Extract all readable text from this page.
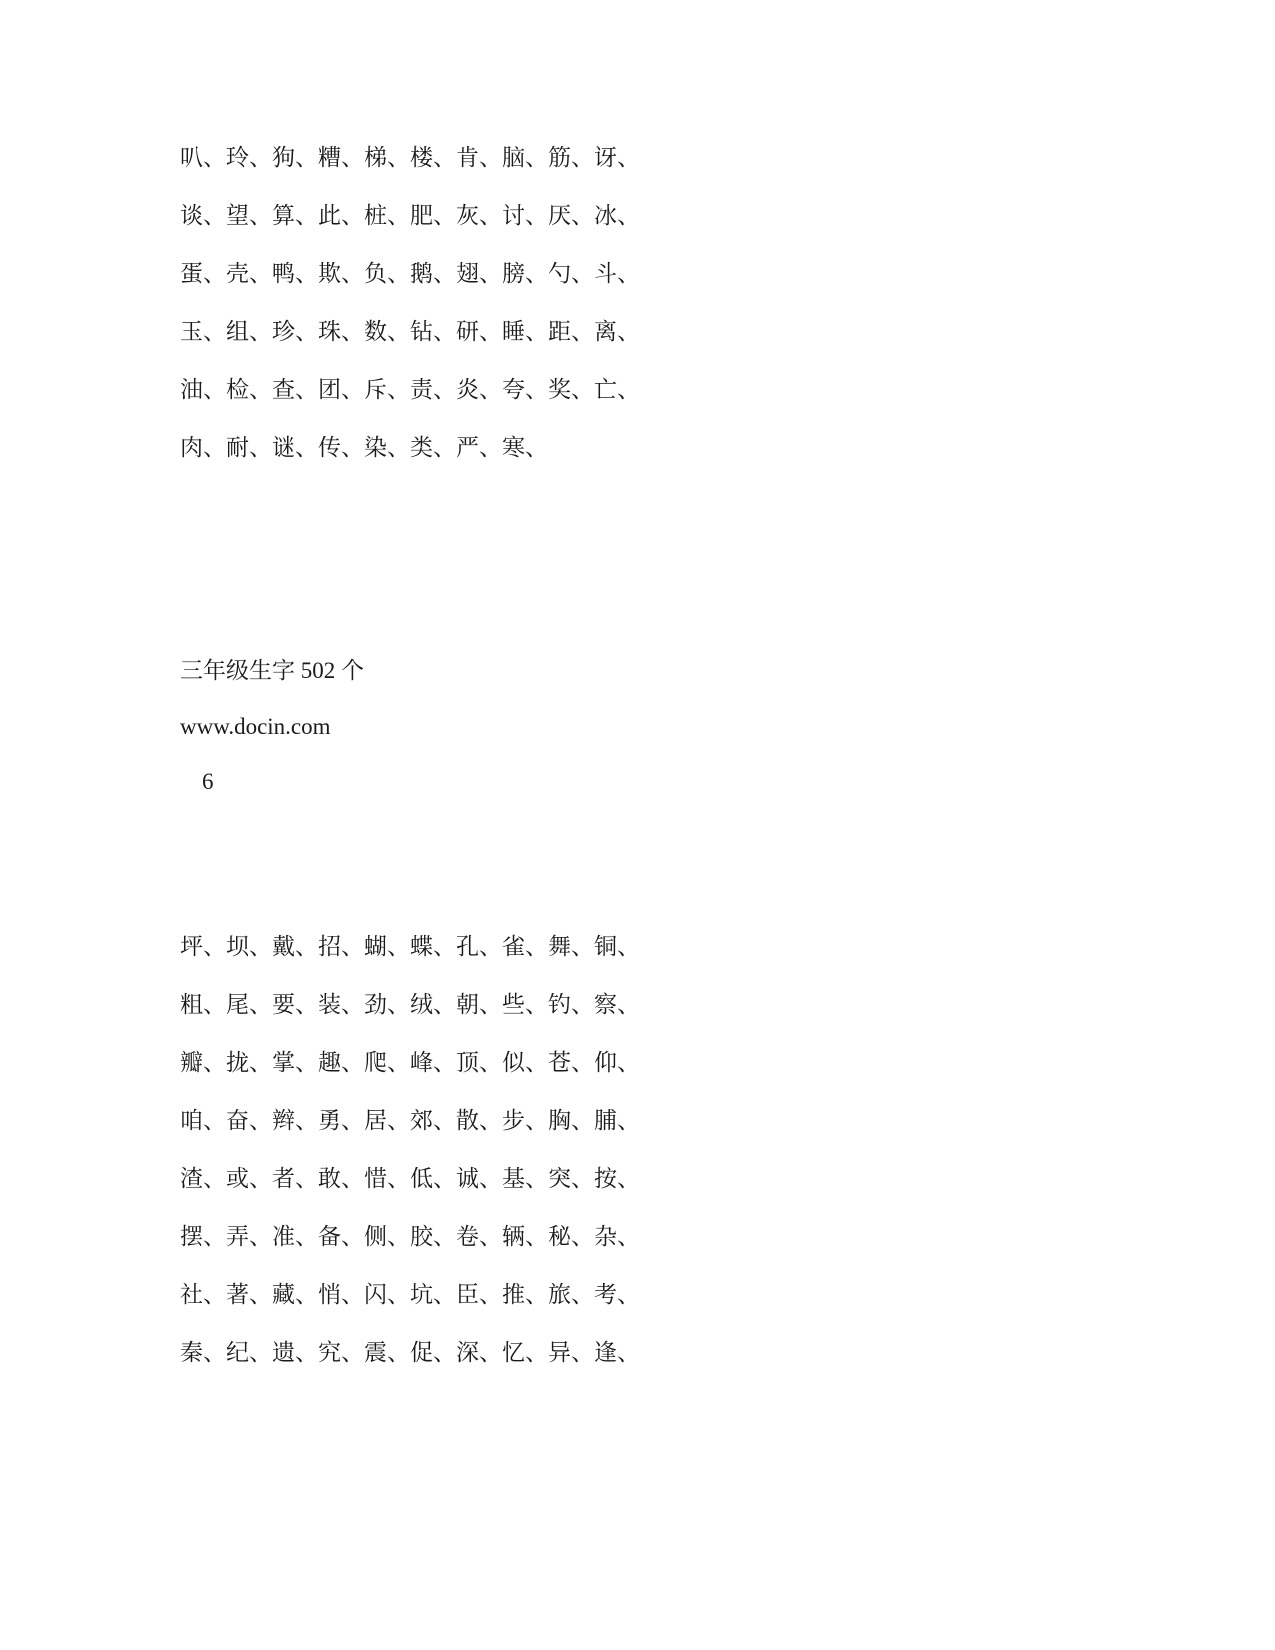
叭、玲、狗、糟、梯、楼、肯、脑、筋、讶、
谈、望、算、此、桩、肥、灰、讨、厌、冰、
蛋、壳、鸭、欺、负、鹅、翅、膀、勺、斗、
玉、组、珍、珠、数、钻、研、睡、距、离、
油、检、查、团、斥、责、炎、夸、奖、亡、
肉、耐、谜、传、染、类、严、寒、
三年级生字 502 个
www.docin.com
6
坪、坝、戴、招、蝴、蝶、孔、雀、舞、铜、
粗、尾、要、装、劲、绒、朝、些、钓、察、
瓣、拢、掌、趣、爬、峰、顶、似、苍、仰、
咱、奋、辫、勇、居、郊、散、步、胸、脯、
渣、或、者、敢、惜、低、诚、基、突、按、
摆、弄、准、备、侧、胶、卷、辆、秘、杂、
社、著、藏、悄、闪、坑、臣、推、旅、考、
秦、纪、遗、究、震、促、深、忆、异、逢、
